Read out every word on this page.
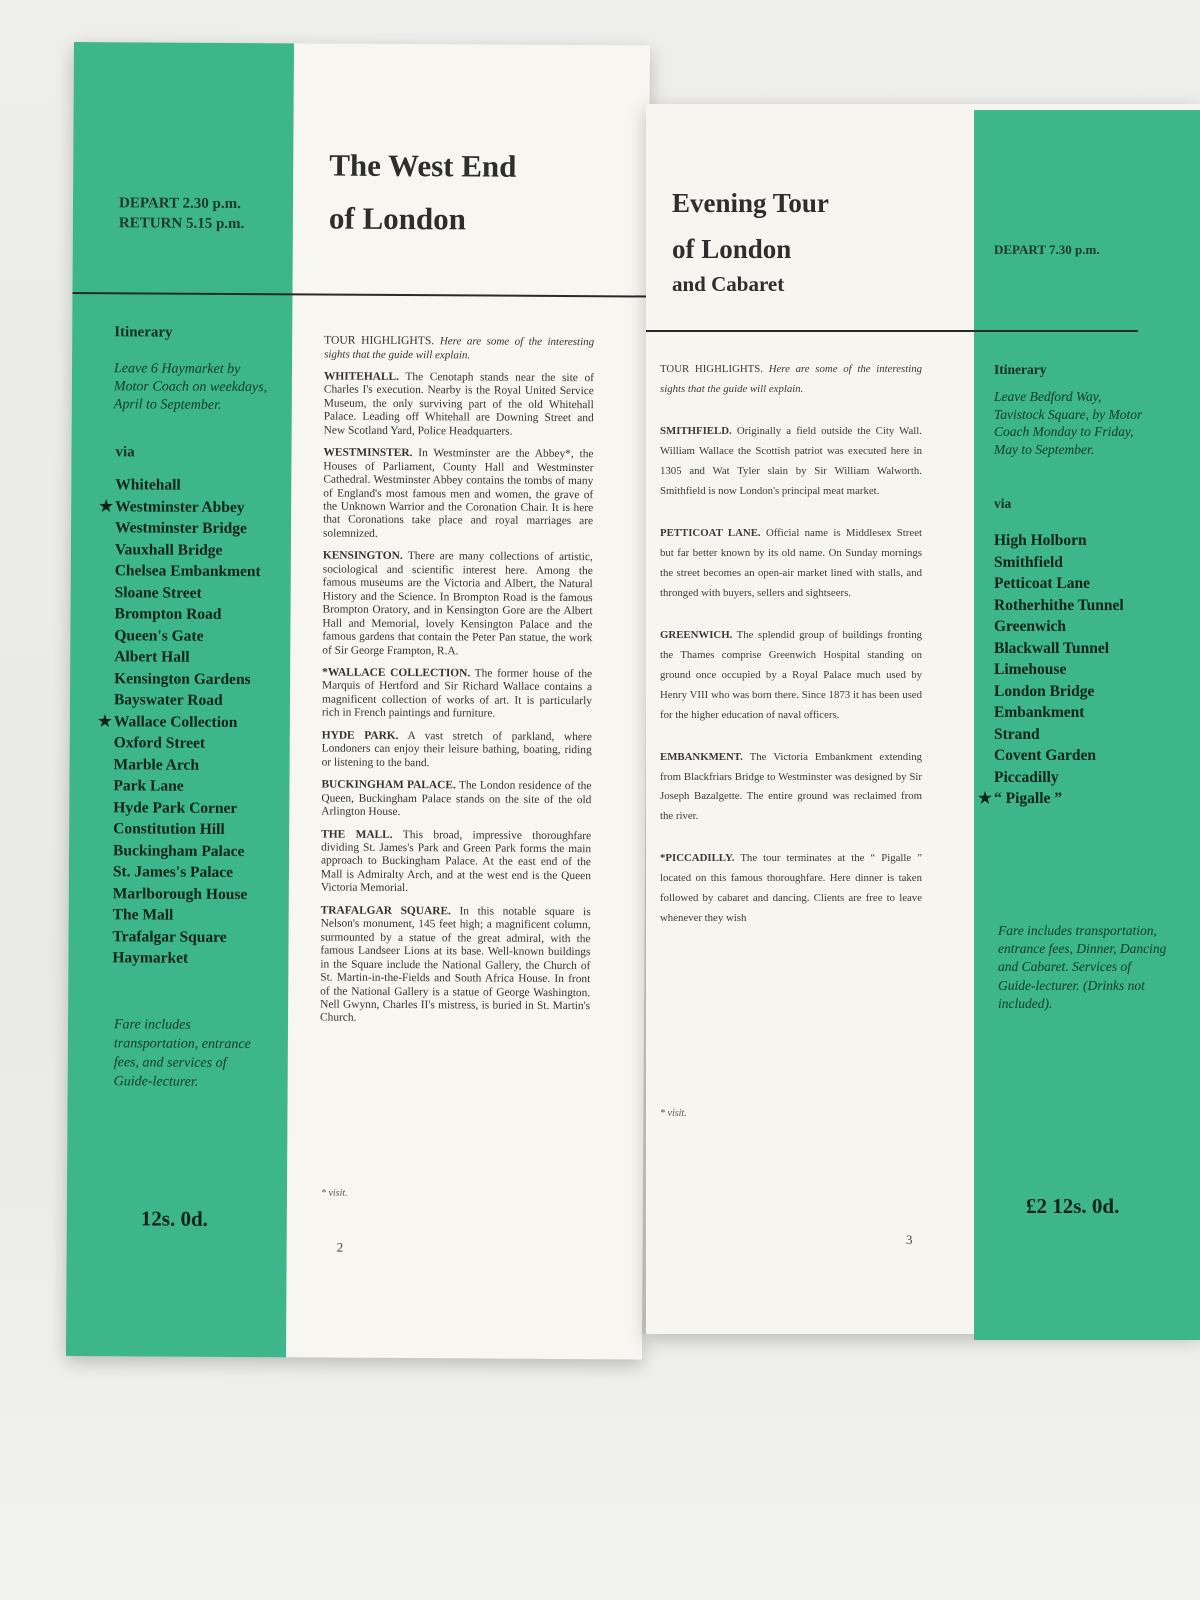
The West End
of London
DEPART 2.30 p.m.
RETURN 5.15 p.m.
Itinerary
Leave 6 Haymarket by Motor Coach on weekdays, April to September.
via
Whitehall
★ Westminster Abbey
Westminster Bridge
Vauxhall Bridge
Chelsea Embankment
Sloane Street
Brompton Road
Queen's Gate
Albert Hall
Kensington Gardens
Bayswater Road
★ Wallace Collection
Oxford Street
Marble Arch
Park Lane
Hyde Park Corner
Constitution Hill
Buckingham Palace
St. James's Palace
Marlborough House
The Mall
Trafalgar Square
Haymarket
Fare includes transportation, entrance fees, and services of Guide-lecturer.
12s. 0d.

TOUR HIGHLIGHTS. Here are some of the interesting sights that the guide will explain.

WHITEHALL. The Cenotaph stands near the site of Charles I's execution. Nearby is the Royal United Service Museum, the only surviving part of the old Whitehall Palace. Leading off Whitehall are Downing Street and New Scotland Yard, Police Headquarters.

WESTMINSTER. In Westminster are the Abbey*, the Houses of Parliament, County Hall and Westminster Cathedral. Westminster Abbey contains the tombs of many of England's most famous men and women, the grave of the Unknown Warrior and the Coronation Chair. It is here that Coronations take place and royal marriages are solemnized.

KENSINGTON. There are many collections of artistic, sociological and scientific interest here. Among the famous museums are the Victoria and Albert, the Natural History and the Science. In Brompton Road is the famous Brompton Oratory, and in Kensington Gore are the Albert Hall and Memorial, lovely Kensington Palace and the famous gardens that contain the Peter Pan statue, the work of Sir George Frampton, R.A.

*WALLACE COLLECTION. The former house of the Marquis of Hertford and Sir Richard Wallace contains a magnificent collection of works of art. It is particularly rich in French paintings and furniture.

HYDE PARK. A vast stretch of parkland, where Londoners can enjoy their leisure bathing, boating, riding or listening to the band.

BUCKINGHAM PALACE. The London residence of the Queen, Buckingham Palace stands on the site of the old Arlington House.

THE MALL. This broad, impressive thoroughfare dividing St. James's Park and Green Park forms the main approach to Buckingham Palace. At the east end of the Mall is Admiralty Arch, and at the west end is the Queen Victoria Memorial.

TRAFALGAR SQUARE. In this notable square is Nelson's monument, 145 feet high; a magnificent column, surmounted by a statue of the great admiral, with the famous Landseer Lions at its base. Well-known buildings in the Square include the National Gallery, the Church of St. Martin-in-the-Fields and South Africa House. In front of the National Gallery is a statue of George Washington. Nell Gwynn, Charles II's mistress, is buried in St. Martin's Church.

* visit.
2
Evening Tour
of London
and Cabaret
DEPART 7.30 p.m.
Itinerary
Leave Bedford Way, Tavistock Square, by Motor Coach Monday to Friday, May to September.
via
High Holborn
Smithfield
Petticoat Lane
Rotherhithe Tunnel
Greenwich
Blackwall Tunnel
Limehouse
London Bridge
Embankment
Strand
Covent Garden
Piccadilly
★ “ Pigalle ”
Fare includes transportation, entrance fees, Dinner, Dancing and Cabaret. Services of Guide-lecturer. (Drinks not included).
£2 12s. 0d.

TOUR HIGHLIGHTS. Here are some of the interesting sights that the guide will explain.

SMITHFIELD. Originally a field outside the City Wall. William Wallace the Scottish patriot was executed here in 1305 and Wat Tyler slain by Sir William Walworth. Smithfield is now London's principal meat market.

PETTICOAT LANE. Official name is Middlesex Street but far better known by its old name. On Sunday mornings the street becomes an open-air market lined with stalls, and thronged with buyers, sellers and sightseers.

GREENWICH. The splendid group of buildings fronting the Thames comprise Greenwich Hospital standing on ground once occupied by a Royal Palace much used by Henry VIII who was born there. Since 1873 it has been used for the higher education of naval officers.

EMBANKMENT. The Victoria Embankment extending from Blackfriars Bridge to Westminster was designed by Sir Joseph Bazalgette. The entire ground was reclaimed from the river.

*PICCADILLY. The tour terminates at the “ Pigalle ” located on this famous thoroughfare. Here dinner is taken followed by cabaret and dancing. Clients are free to leave whenever they wish

* visit.
3
